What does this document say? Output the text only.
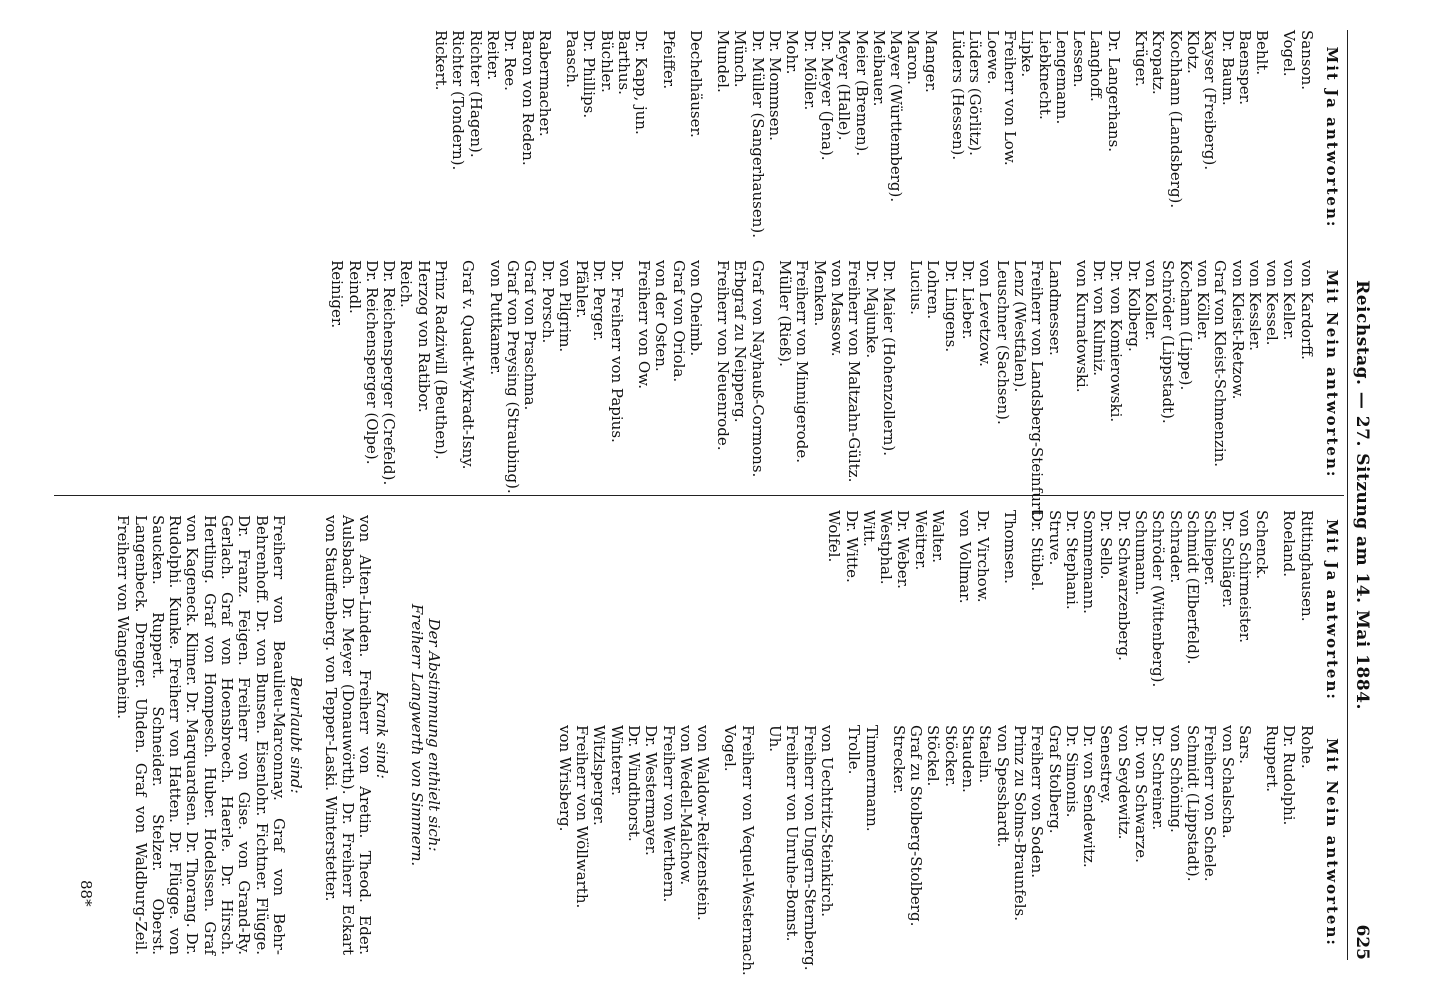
Reichstag. — 27. Sitzung am 14. Mai 1884.
625
Mit Ja antworten:
Sanson.
Vogel.
Behlt.
Baensper.
Dr. Baum.
Kayser (Freiberg).
Klotz.
Kochhann (Landsberg).
Kropatz.
Krüger.
Dr. Langerhans.
Langhoff.
Lessen.
Lengemann.
Liebknecht.
Lipke.
Freiherr von Low.
Loewe.
Lüders (Görlitz).
Lüders (Hessen).
Manger.
Maron.
Mayer (Württemberg).
Meibauer.
Meier (Bremen).
Meyer (Halle).
Dr. Meyer (Jena).
Dr. Möller.
Mohr.
Dr. Mommsen.
Dr. Müller (Sangerhausen).
Münch.
Mundel.
Dechelhäuser.
Pfeiffer.
Dr. Kapp, jun.
Barthus.
Büchler.
Dr. Phillips.
Paasch.
Rabermacher.
Baron von Reden.
Dr. Ree.
Reiter.
Richter (Hagen).
Richter (Tondern).
Rickert.
Mit Nein antworten:
von Kardorff.
von Keller.
von Kessel.
von Kessler.
von Kleist-Retzow.
Graf von Kleist-Schmenzin.
von Köller.
Kochann (Lippe).
Schröder (Lippstadt).
von Koller.
Dr. Kolberg.
Dr. von Komierowski.
Dr. von Kulmiz.
von Kurnatowski.
Landmesser.
Freiherr von Landsberg-Steinfurt.
Lenz (Westfalen).
Leuschner (Sachsen).
von Levetzow.
Dr. Lieber.
Dr. Lingens.
Lohren.
Lucius.
Dr. Maier (Hohenzollern).
Dr. Majunke.
Freiherr von Maltzahn-Gültz.
von Massow.
Menken.
Freiherr von Minnigerode.
Müller (Rieß).
Graf von Nayhauß-Cormons.
Erbgraf zu Neipperg.
Freiherr von Neuenrode.
von Oheimb.
Graf von Oriola.
von der Osten.
Freiherr von Ow.
Dr. Freiherr von Papius.
Dr. Perger.
Pfähler.
von Pilgrim.
Dr. Porsch.
Graf von Praschma.
Graf von Preysing (Straubing).
von Puttkamer.
Graf v. Quadt-Wykradt-Isny.
Prinz Radziwill (Beuthen).
Herzog von Ratibor.
Reich.
Dr. Reichensperger (Crefeld).
Dr. Reichensperger (Olpe).
Reindl.
Reiniger.
Mit Ja antworten:
Rittinghausen.
Roeland.
Schenck.
von Schirmeister.
Dr. Schläger.
Schlieper.
Schmidt (Elberfeld).
Schrader.
Schröder (Wittenberg).
Schumann.
Dr. Schwarzenberg.
Dr. Sello.
Sommemann.
Dr. Stephani.
Struve.
Dr. Stübel.
Thomsen.
Dr. Virchow.
von Vollmar.
Walter.
Weitrer.
Dr. Weber.
Westphal.
Witt.
Dr. Witte.
Wolfel.
Mit Nein antworten:
Rohe.
Dr. Rudolphi.
Ruppert.
Sars.
von Schalscha.
Freiherr von Schele.
Schmidt (Lippstadt).
von Schöning.
Dr. Schreiner.
Dr. von Schwarze.
von Seydewitz.
Senestrey.
Dr. von Sendewitz.
Dr. Simonis.
Graf Stolberg.
Freiherr von Soden.
Prinz zu Solms-Braunfels.
von Spesshardt.
Staelin.
Stauden.
Stöcker.
Stöckel.
Graf zu Stolberg-Stolberg.
Strecker.
Timmermann.
Trolle.
von Uechtritz-Steinkirch.
Freiherr von Ungern-Sternberg.
Freiherr von Unruhe-Bomst.
Uh.
Freiherr von Vequel-Westernach.
Vogel.
von Waldow-Reitzenstein.
von Wedell-Malchow.
Freiherr von Werthern.
Dr. Westermayer.
Dr. Windthorst.
Winterer.
Witzlsperger.
Freiherr von Wöllwarth.
von Wrisberg.
Der Abstimmung enthielt sich:
Freiherr Langwerth von Simmern.
Krank sind:
von Alten-Linden. Freiherr von Aretin. Theod. Eder. Aulsbach. Dr. Meyer (Donauwörth). Dr. Freiherr Eckart von Stauffenberg. von Tepper-Laski. Winterstetter.
Beurlaubt sind:
Freiherr von Beaulieu-Marconnay. Graf von Behr-Behrenhoff. Dr. von Bunsen. Eisenlohr. Fichtner. Flügge. Dr. Franz. Feigen. Freiherr von Gise. von Grand-Ry. Gerlach. Graf von Hoensbroech. Haerle. Dr. Hirsch. Hertling. Graf von Hompesch. Huber. Hodelssen. Graf von Kageneck. Klimer. Dr. Marquardsen. Dr. Thorang. Dr. Rudolphi. Kunke. Freiherr von Hatten. Dr. Flügge. von Saucken. Ruppert. Schneider. Stelzer. Oberst. Langenbeck. Drenger. Uhden. Graf von Waldburg-Zeil. Freiherr von Wangenheim.
88*
